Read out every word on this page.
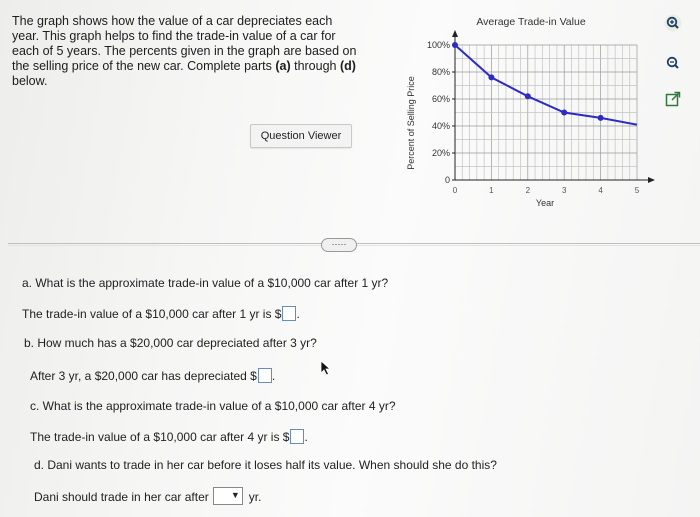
The graph shows how the value of a car depreciates each
year. This graph helps to find the trade-in value of a car for
each of 5 years. The percents given in the graph are based on
the selling price of the new car. Complete parts (a) through (d)
below.
Question Viewer
Average Trade-in Value
Percent of Selling Price
Year
0
20%
40%
60%
80%
100%
0	1	2	3	4	5
·····
a. What is the approximate trade-in value of a $10,000 car after 1 yr?
The trade-in value of a $10,000 car after 1 yr is $ .
b. How much has a $20,000 car depreciated after 3 yr?
After 3 yr, a $20,000 car has depreciated $ .
c. What is the approximate trade-in value of a $10,000 car after 4 yr?
The trade-in value of a $10,000 car after 4 yr is $ .
d. Dani wants to trade in her car before it loses half its value. When should she do this?
Dani should trade in her car after ▼ yr.
